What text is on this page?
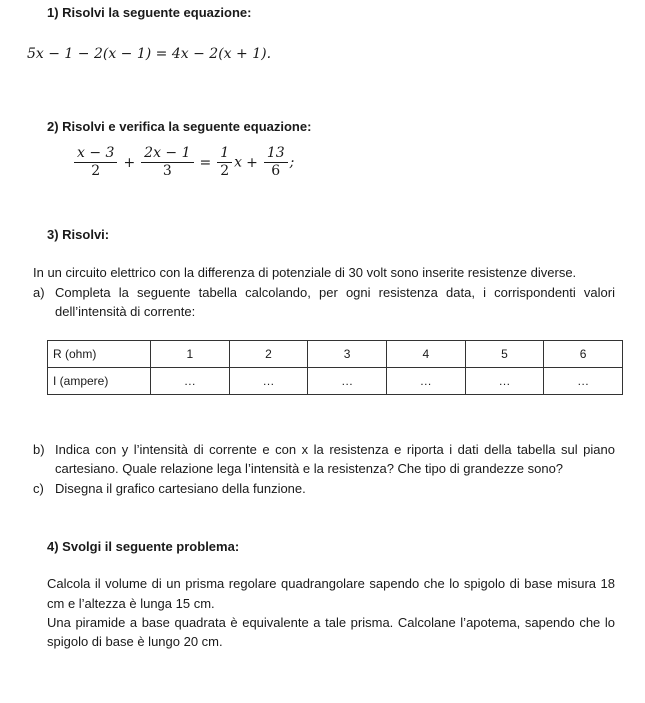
1) Risolvi la seguente equazione:
5x − 1 − 2(x − 1) = 4x − 2(x + 1).
2) Risolvi e verifica la seguente equazione:
$\frac{x - 3}{2} + \frac{2x - 1}{3} = \frac{1}{2}$ $x + \frac{13}{6}$ ;
3) Risolvi:
In un circuito elettrico con la differenza di potenziale di 30 volt sono inserite resistenze diverse.
a) Completa la seguente tabella calcolando, per ogni resistenza data, i corrispondenti valori
dell’intensità di corrente:
R (ohm)	1	2	3	4	5	6
I (ampere)	…	…	…	…	…	…
b) Indica con y l’intensità di corrente e con x la resistenza e riporta i dati della tabella sul piano
cartesiano. Quale relazione lega l’intensità e la resistenza? Che tipo di grandezze sono?
c) Disegna il grafico cartesiano della funzione.
4) Svolgi il seguente problema:
Calcola il volume di un prisma regolare quadrangolare sapendo che lo spigolo di base misura 18
cm e l’altezza è lunga 15 cm.
Una piramide a base quadrata è equivalente a tale prisma. Calcolane l’apotema, sapendo che lo
spigolo di base è lungo 20 cm.
